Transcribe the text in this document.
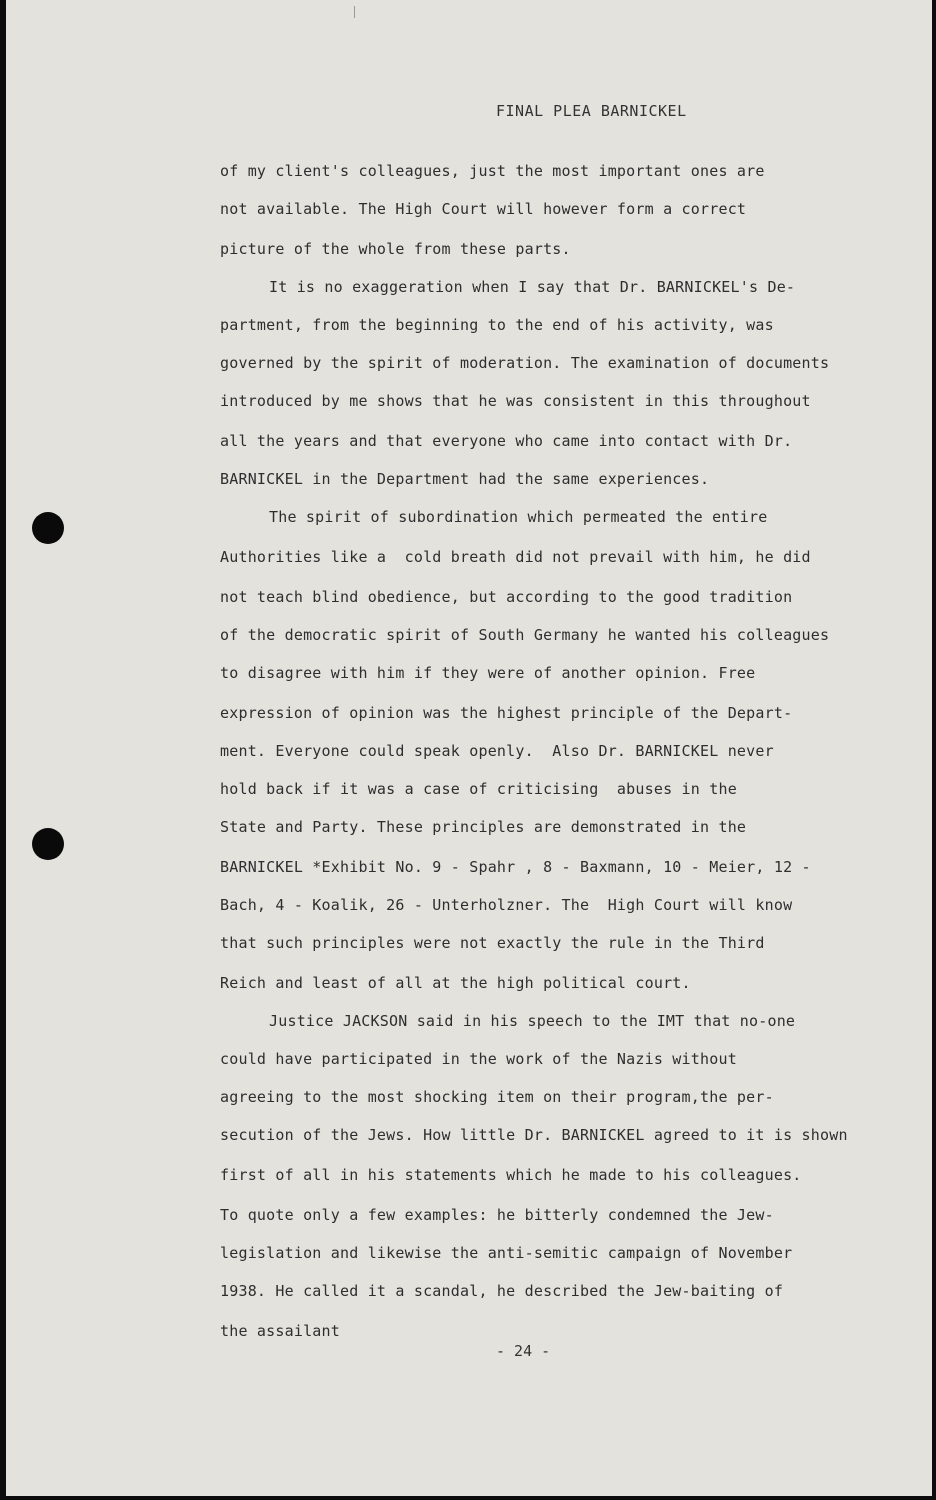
FINAL PLEA BARNICKEL

of my client's colleagues, just the most important ones are

not available. The High Court will however form a correct

picture of the whole from these parts.

It is no exaggeration when I say that Dr. BARNICKEL's De-

partment, from the beginning to the end of his activity, was

governed by the spirit of moderation. The examination of documents

introduced by me shows that he was consistent in this throughout

all the years and that everyone who came into contact with Dr.

BARNICKEL in the Department had the same experiences.

The spirit of subordination which permeated the entire

Authorities like a  cold breath did not prevail with him, he did

not teach blind obedience, but according to the good tradition

of the democratic spirit of South Germany he wanted his colleagues

to disagree with him if they were of another opinion. Free

expression of opinion was the highest principle of the Depart-

ment. Everyone could speak openly.  Also Dr. BARNICKEL never

hold back if it was a case of criticising  abuses in the

State and Party. These principles are demonstrated in the

BARNICKEL *Exhibit No. 9 - Spahr , 8 - Baxmann, 10 - Meier, 12 -

Bach, 4 - Koalik, 26 - Unterholzner. The  High Court will know

that such principles were not exactly the rule in the Third

Reich and least of all at the high political court.

Justice JACKSON said in his speech to the IMT that no-one

could have participated in the work of the Nazis without

agreeing to the most shocking item on their program,the per-

secution of the Jews. How little Dr. BARNICKEL agreed to it is shown

first of all in his statements which he made to his colleagues.

To quote only a few examples: he bitterly condemned the Jew-

legislation and likewise the anti-semitic campaign of November

1938. He called it a scandal, he described the Jew-baiting of

the assailant

- 24 -
